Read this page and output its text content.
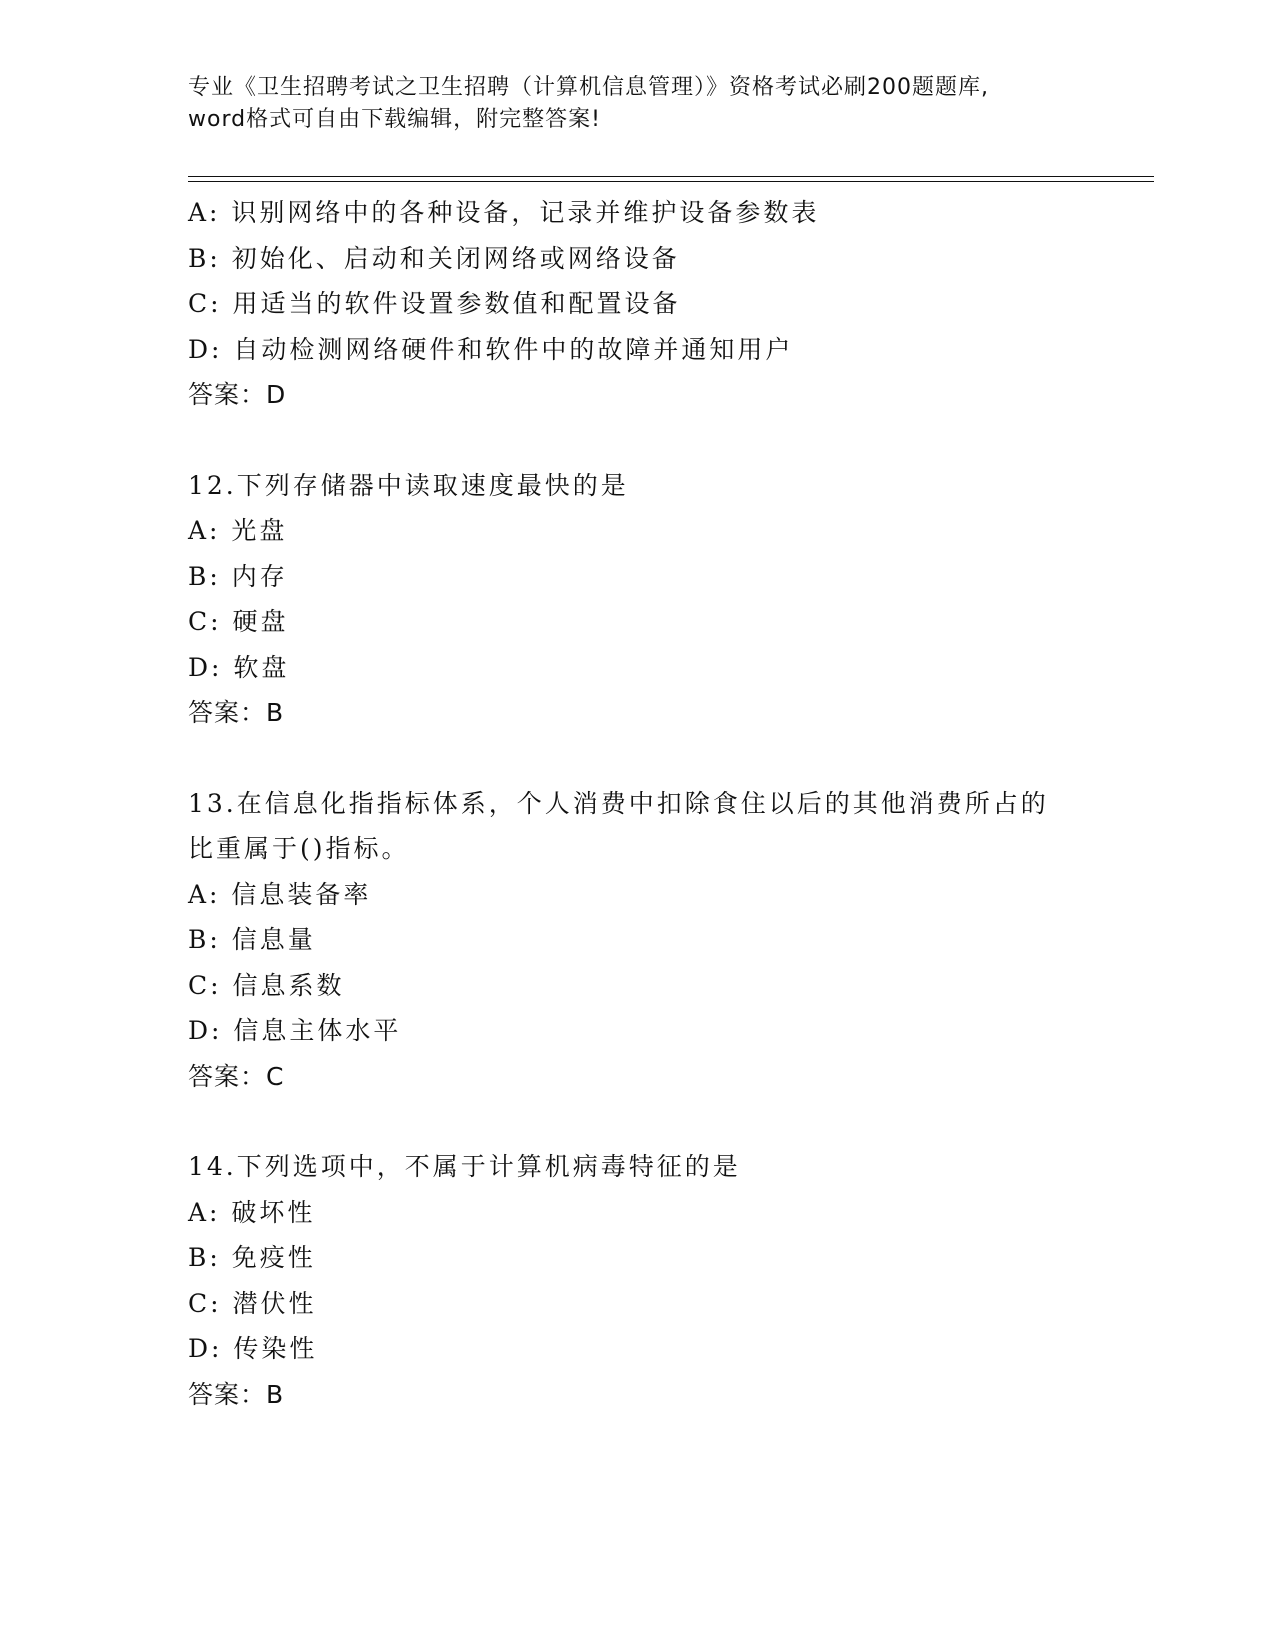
专业《卫生招聘考试之卫生招聘（计算机信息管理）》资格考试必刷200题题库,
word格式可自由下载编辑，附完整答案!
A: 识别网络中的各种设备，记录并维护设备参数表
B: 初始化、启动和关闭网络或网络设备
C: 用适当的软件设置参数值和配置设备
D: 自动检测网络硬件和软件中的故障并通知用户
答案：D
12.下列存储器中读取速度最快的是
A: 光盘
B: 内存
C: 硬盘
D: 软盘
答案：B
13.在信息化指指标体系，个人消费中扣除食住以后的其他消费所占的
比重属于()指标。
A: 信息装备率
B: 信息量
C: 信息系数
D: 信息主体水平
答案：C
14.下列选项中，不属于计算机病毒特征的是
A: 破坏性
B: 免疫性
C: 潜伏性
D: 传染性
答案：B
